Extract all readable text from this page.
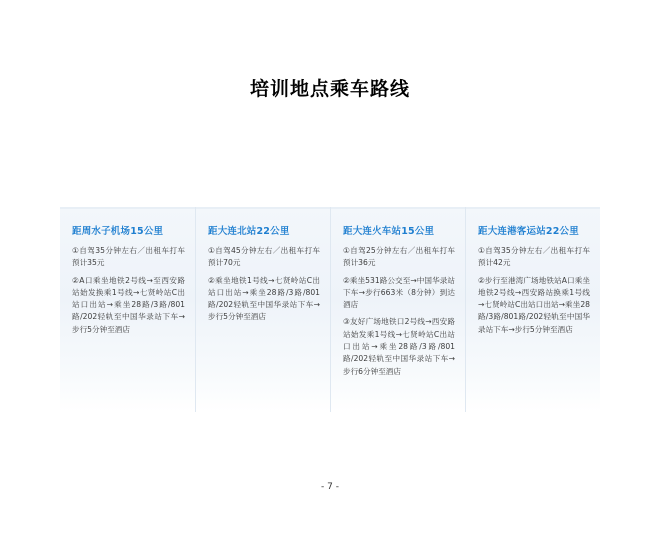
培训地点乘车路线
距周水子机场15公里
①自驾35分钟左右／出租车打车预计35元
②A口乘坐地铁2号线→至西安路站始发换乘1号线→七贤岭站C出站口出站→乘坐28路/3路/801路/202轻轨至中国华录站下车→步行5分钟至酒店
距大连北站22公里
①自驾45分钟左右／出租车打车预计70元
②乘坐地铁1号线→七贤岭站C出站口出站→乘坐28路/3路/801路/202轻轨至中国华录站下车→步行5分钟至酒店
距大连火车站15公里
①自驾25分钟左右／出租车打车预计36元
②乘坐531路公交至→中国华录站下车→步行663米（8分钟）到达酒店
③友好广场地铁口2号线→西安路站始发乘1号线→七贤岭站C出站口出站→乘坐28路/3路/801路/202轻轨至中国华录站下车→步行6分钟至酒店
距大连港客运站22公里
①自驾35分钟左右／出租车打车预计42元
②步行至港湾广场地铁站A口乘坐地铁2号线→西安路站换乘1号线→七贤岭站C出站口出站→乘坐28路/3路/801路/202轻轨至中国华录站下车→步行5分钟至酒店
- 7 -
